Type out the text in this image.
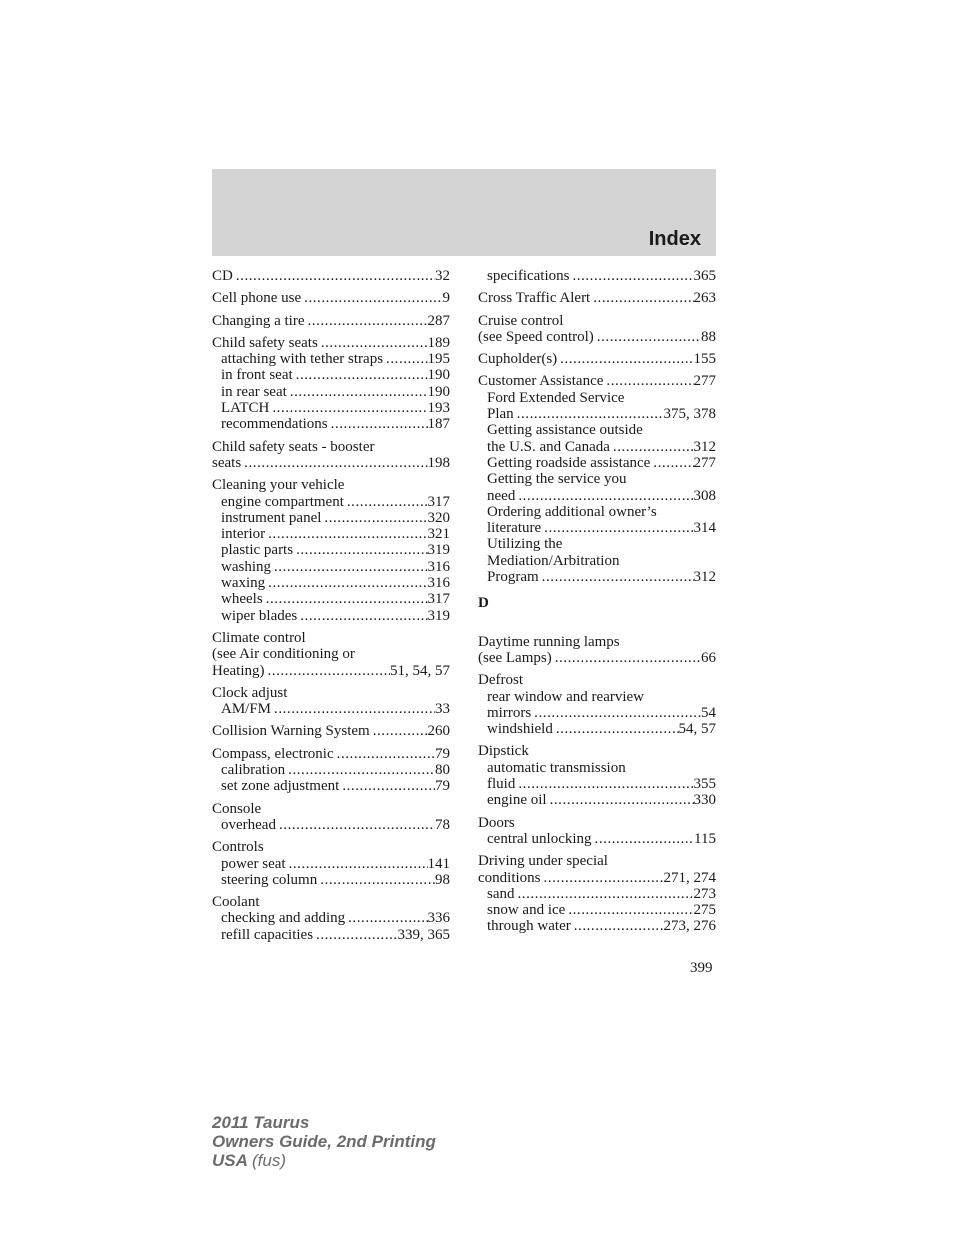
Index
CD . . .	32
Cell phone use . . .	9
Changing a tire . . .	287
Child safety seats . . .	189
attaching with tether straps . . .	195
in front seat . . .	190
in rear seat . . .	190
LATCH . . .	193
recommendations . . .	187
Child safety seats - booster
seats . . .	198
Cleaning your vehicle
engine compartment . . .	317
instrument panel . . .	320
interior . . .	321
plastic parts . . .	319
washing . . .	316
waxing . . .	316
wheels . . .	317
wiper blades . . .	319
Climate control
(see Air conditioning or
Heating) . . .	51, 54, 57
Clock adjust
AM/FM . . .	33
Collision Warning System . . .	260
Compass, electronic . . .	79
calibration . . .	80
set zone adjustment . . .	79
Console
overhead . . .	78
Controls
power seat . . .	141
steering column . . .	98
Coolant
checking and adding . . .	336
refill capacities . . .	339, 365
specifications . . .	365
Cross Traffic Alert . . .	263
Cruise control
(see Speed control) . . .	88
Cupholder(s) . . .	155
Customer Assistance . . .	277
Ford Extended Service
Plan . . .	375, 378
Getting assistance outside
the U.S. and Canada . . .	312
Getting roadside assistance . . .	277
Getting the service you
need . . .	308
Ordering additional owner’s
literature . . .	314
Utilizing the
Mediation/Arbitration
Program . . .	312
D
Daytime running lamps
(see Lamps) . . .	66
Defrost
rear window and rearview
mirrors . . .	54
windshield . . .	54, 57
Dipstick
automatic transmission
fluid . . .	355
engine oil . . .	330
Doors
central unlocking . . .	115
Driving under special
conditions . . .	271, 274
sand . . .	273
snow and ice . . .	275
through water . . .	273, 276
399
2011 Taurus
Owners Guide, 2nd Printing
USA (fus)
